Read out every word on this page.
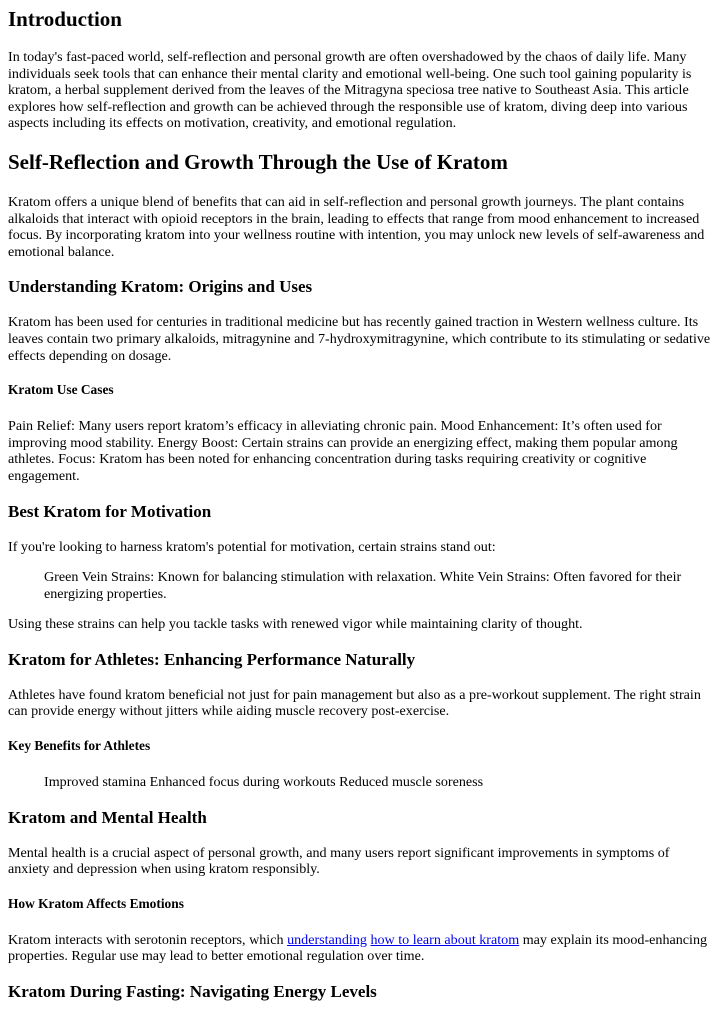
Introduction

In today's fast-paced world, self-reflection and personal growth are often overshadowed by the chaos of daily life. Many individuals seek tools that can enhance their mental clarity and emotional well-being. One such tool gaining popularity is kratom, a herbal supplement derived from the leaves of the Mitragyna speciosa tree native to Southeast Asia. This article explores how self-reflection and growth can be achieved through the responsible use of kratom, diving deep into various aspects including its effects on motivation, creativity, and emotional regulation.

Self-Reflection and Growth Through the Use of Kratom

Kratom offers a unique blend of benefits that can aid in self-reflection and personal growth journeys. The plant contains alkaloids that interact with opioid receptors in the brain, leading to effects that range from mood enhancement to increased focus. By incorporating kratom into your wellness routine with intention, you may unlock new levels of self-awareness and emotional balance.

Understanding Kratom: Origins and Uses

Kratom has been used for centuries in traditional medicine but has recently gained traction in Western wellness culture. Its leaves contain two primary alkaloids, mitragynine and 7-hydroxymitragynine, which contribute to its stimulating or sedative effects depending on dosage.

Kratom Use Cases

Pain Relief: Many users report kratom’s efficacy in alleviating chronic pain. Mood Enhancement: It’s often used for improving mood stability. Energy Boost: Certain strains can provide an energizing effect, making them popular among athletes. Focus: Kratom has been noted for enhancing concentration during tasks requiring creativity or cognitive engagement.

Best Kratom for Motivation

If you're looking to harness kratom's potential for motivation, certain strains stand out:

Green Vein Strains: Known for balancing stimulation with relaxation. White Vein Strains: Often favored for their energizing properties.

Using these strains can help you tackle tasks with renewed vigor while maintaining clarity of thought.

Kratom for Athletes: Enhancing Performance Naturally

Athletes have found kratom beneficial not just for pain management but also as a pre-workout supplement. The right strain can provide energy without jitters while aiding muscle recovery post-exercise.

Key Benefits for Athletes

Improved stamina Enhanced focus during workouts Reduced muscle soreness

Kratom and Mental Health

Mental health is a crucial aspect of personal growth, and many users report significant improvements in symptoms of anxiety and depression when using kratom responsibly.

How Kratom Affects Emotions

Kratom interacts with serotonin receptors, which understanding how to learn about kratom may explain its mood-enhancing properties. Regular use may lead to better emotional regulation over time.

Kratom During Fasting: Navigating Energy Levels
